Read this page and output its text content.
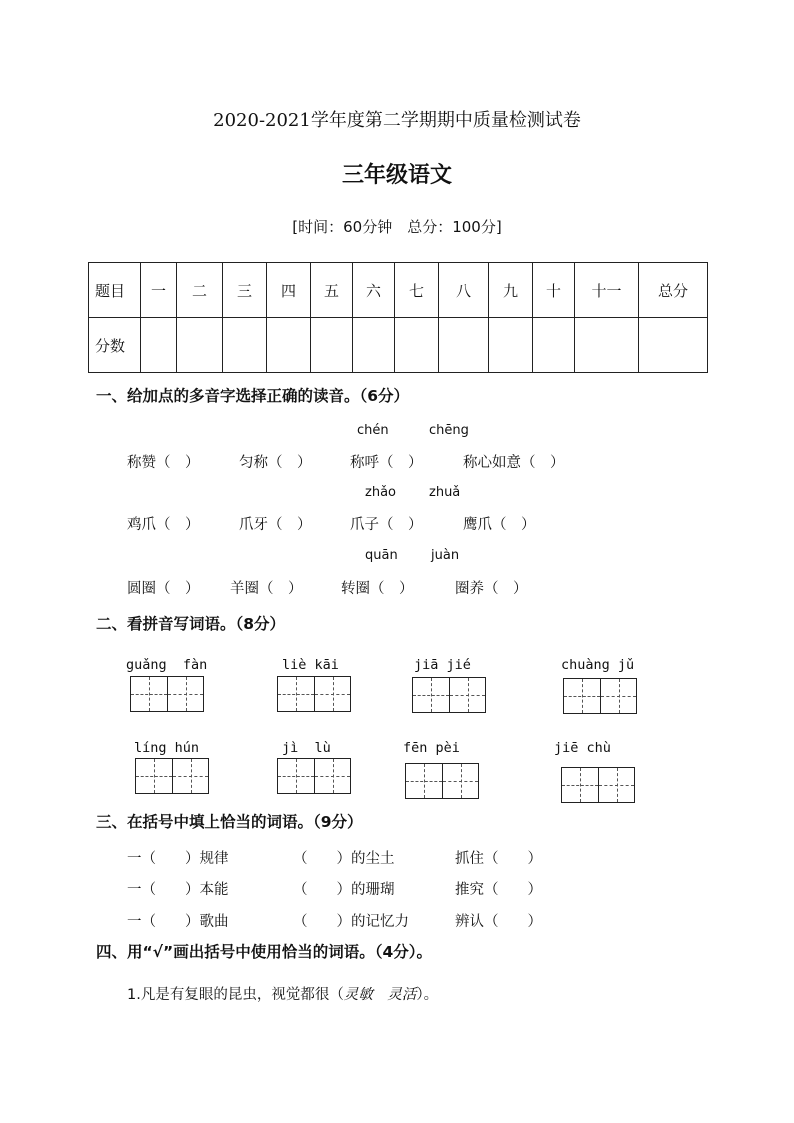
2020-2021学年度第二学期期中质量检测试卷
三年级语文
[时间：60分钟　总分：100分]
题目	一	二	三	四	五	六	七	八	九	十	十一	总分
分数												
一、给加点的多音字选择正确的读音。（6分）
chén	chēng
称赞（　）	匀称（　）	称呼（　）	称心如意（　）
zhǎo	zhuǎ
鸡爪（　）	爪牙（　）	爪子（　）	鹰爪（　）
quān	juàn
圆圈（　） 羊圈（　）	转圈（　）	圈养（　）
二、看拼音写词语。（8分）
guǎng  fàn	liè kāi	jiā jié	chuàng jǔ
líng hún	jì  lù	fēn pèi	jiē chù
三、在括号中填上恰当的词语。（9分）
一（　　）规律	（　　）的尘土	抓住（　　）
一（　　）本能	（　　）的珊瑚	推究（　　）
一（　　）歌曲	（　　）的记忆力	辨认（　　）
四、用“√”画出括号中使用恰当的词语。（4分）。
1.凡是有复眼的昆虫，视觉都很（灵敏　灵活）。
